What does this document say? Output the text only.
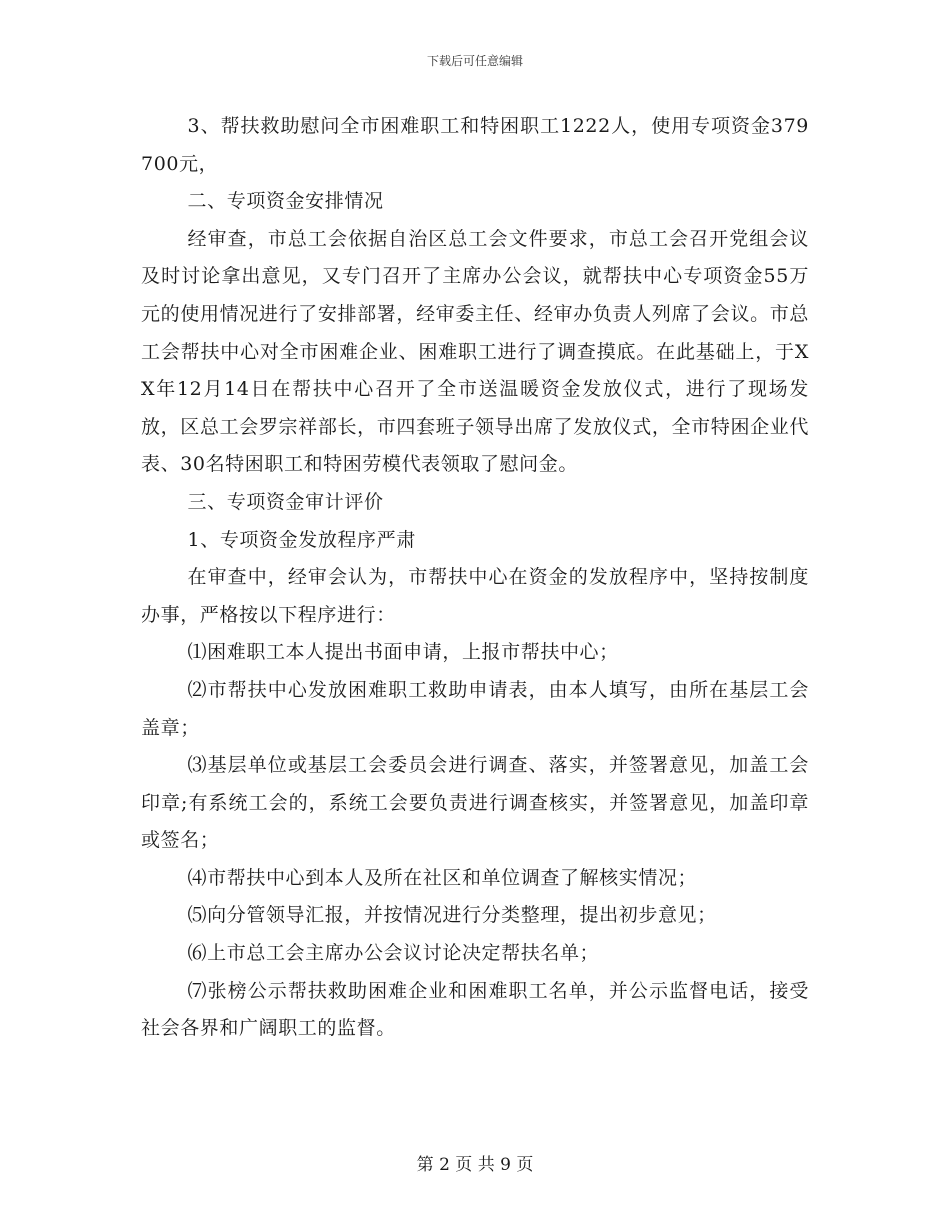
下载后可任意编辑

3、帮扶救助慰问全市困难职工和特困职工1222人，使用专项资金379700元，

二、专项资金安排情况

经审查，市总工会依据自治区总工会文件要求，市总工会召开党组会议及时讨论拿出意见，又专门召开了主席办公会议，就帮扶中心专项资金55万元的使用情况进行了安排部署，经审委主任、经审办负责人列席了会议。市总工会帮扶中心对全市困难企业、困难职工进行了调查摸底。在此基础上，于XX年12月14日在帮扶中心召开了全市送温暖资金发放仪式，进行了现场发放，区总工会罗宗祥部长，市四套班子领导出席了发放仪式，全市特困企业代表、30名特困职工和特困劳模代表领取了慰问金。

三、专项资金审计评价

1、专项资金发放程序严肃

在审查中，经审会认为，市帮扶中心在资金的发放程序中，坚持按制度办事，严格按以下程序进行：

⑴困难职工本人提出书面申请，上报市帮扶中心；

⑵市帮扶中心发放困难职工救助申请表，由本人填写，由所在基层工会盖章；

⑶基层单位或基层工会委员会进行调查、落实，并签署意见，加盖工会印章;有系统工会的，系统工会要负责进行调查核实，并签署意见，加盖印章或签名；

⑷市帮扶中心到本人及所在社区和单位调查了解核实情况；

⑸向分管领导汇报，并按情况进行分类整理，提出初步意见；

⑹上市总工会主席办公会议讨论决定帮扶名单；

⑺张榜公示帮扶救助困难企业和困难职工名单，并公示监督电话，接受社会各界和广阔职工的监督。

第 2 页 共 9 页
